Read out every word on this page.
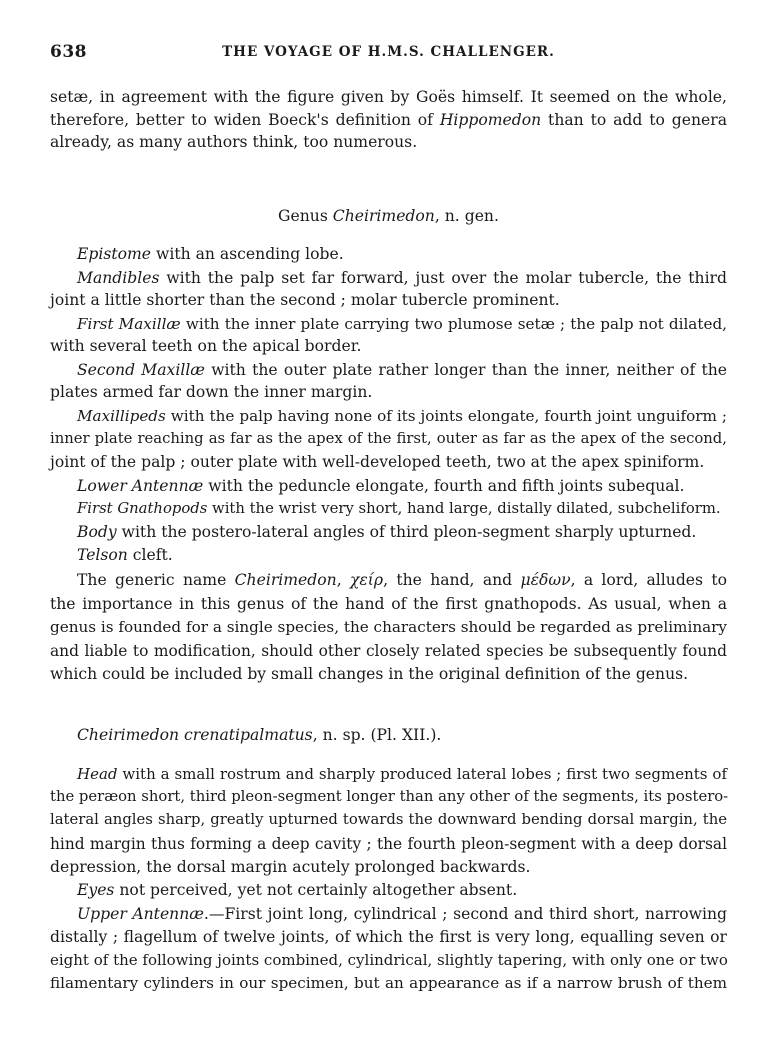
638	THE VOYAGE OF H.M.S. CHALLENGER.
setæ, in agreement with the figure given by Goës himself. It seemed on the whole,
therefore, better to widen Boeck's definition of Hippomedon than to add to genera
already, as many authors think, too numerous.
Genus Cheirimedon, n. gen.
Epistome with an ascending lobe.
Mandibles with the palp set far forward, just over the molar tubercle, the third
joint a little shorter than the second ; molar tubercle prominent.
First Maxillæ with the inner plate carrying two plumose setæ ; the palp not dilated,
with several teeth on the apical border.
Second Maxillæ with the outer plate rather longer than the inner, neither of the
plates armed far down the inner margin.
Maxillipeds with the palp having none of its joints elongate, fourth joint unguiform ;
inner plate reaching as far as the apex of the first, outer as far as the apex of the second,
joint of the palp ; outer plate with well-developed teeth, two at the apex spiniform.
Lower Antennæ with the peduncle elongate, fourth and fifth joints subequal.
First Gnathopods with the wrist very short, hand large, distally dilated, subcheliform.
Body with the postero-lateral angles of third pleon-segment sharply upturned.
Telson cleft.
The generic name Cheirimedon, χείρ, the hand, and μέδων, a lord, alludes to
the importance in this genus of the hand of the first gnathopods. As usual, when a
genus is founded for a single species, the characters should be regarded as preliminary
and liable to modification, should other closely related species be subsequently found
which could be included by small changes in the original definition of the genus.
Cheirimedon crenatipalmatus, n. sp. (Pl. XII.).
Head with a small rostrum and sharply produced lateral lobes ; first two segments of
the peræon short, third pleon-segment longer than any other of the segments, its postero-
lateral angles sharp, greatly upturned towards the downward bending dorsal margin, the
hind margin thus forming a deep cavity ; the fourth pleon-segment with a deep dorsal
depression, the dorsal margin acutely prolonged backwards.
Eyes not perceived, yet not certainly altogether absent.
Upper Antennæ.—First joint long, cylindrical ; second and third short, narrowing
distally ; flagellum of twelve joints, of which the first is very long, equalling seven or
eight of the following joints combined, cylindrical, slightly tapering, with only one or two
filamentary cylinders in our specimen, but an appearance as if a narrow brush of them
